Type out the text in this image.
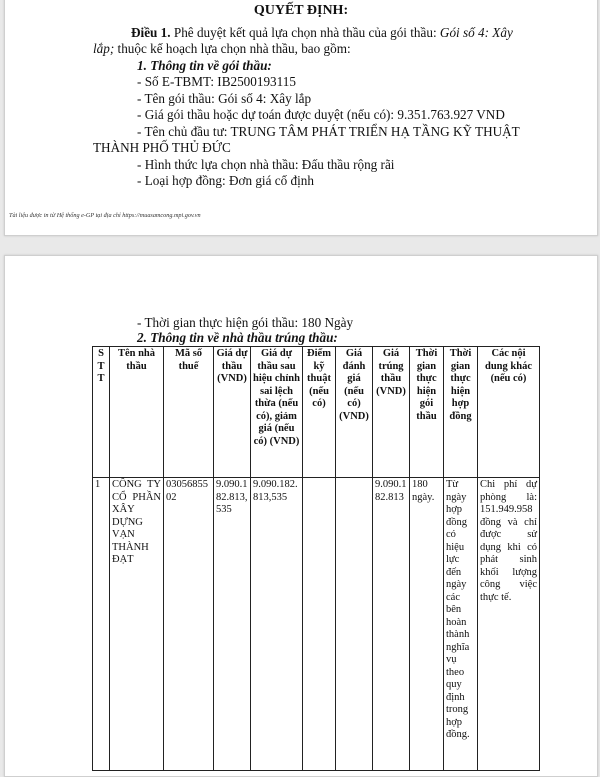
QUYẾT ĐỊNH:
Điều 1. Phê duyệt kết quả lựa chọn nhà thầu của gói thầu: Gói số 4: Xây
lắp; thuộc kế hoạch lựa chọn nhà thầu, bao gồm:
1. Thông tin về gói thầu:
- Số E-TBMT: IB2500193115
- Tên gói thầu: Gói số 4: Xây lắp
- Giá gói thầu hoặc dự toán được duyệt (nếu có): 9.351.763.927 VND
- Tên chủ đầu tư: TRUNG TÂM PHÁT TRIỂN HẠ TẦNG KỸ THUẬT
THÀNH PHỐ THỦ ĐỨC
- Hình thức lựa chọn nhà thầu: Đấu thầu rộng rãi
- Loại hợp đồng: Đơn giá cố định
Tài liệu được in từ Hệ thống e-GP tại địa chỉ https://muasamcong.mpi.gov.vn
- Thời gian thực hiện gói thầu: 180 Ngày
2. Thông tin về nhà thầu trúng thầu:
STT	Tên nhà thầu	Mã số thuế	Giá dự thầu (VND)	Giá dự thầu sau hiệu chỉnh sai lệch thừa (nếu có), giảm giá (nếu có) (VND)	Điểm kỹ thuật (nếu có)	Giá đánh giá (nếu có) (VND)	Giá trúng thầu (VND)	Thời gian thực hiện gói thầu	Thời gian thực hiện hợp đồng	Các nội dung khác (nếu có)
1	CÔNG TY CỔ PHẦN XÂY DỰNG VẠN THÀNH ĐẠT	0305685502	9.090.182.813,535	9.090.182.813,535			9.090.182.813	180 ngày.	Từ ngày hợp đồng có hiệu lực đến ngày các bên hoàn thành nghĩa vụ theo quy định trong hợp đồng.	Chi phí dự phòng là: 151.949.958 đồng và chỉ được sử dụng khi có phát sinh khối lượng công việc thực tế.
